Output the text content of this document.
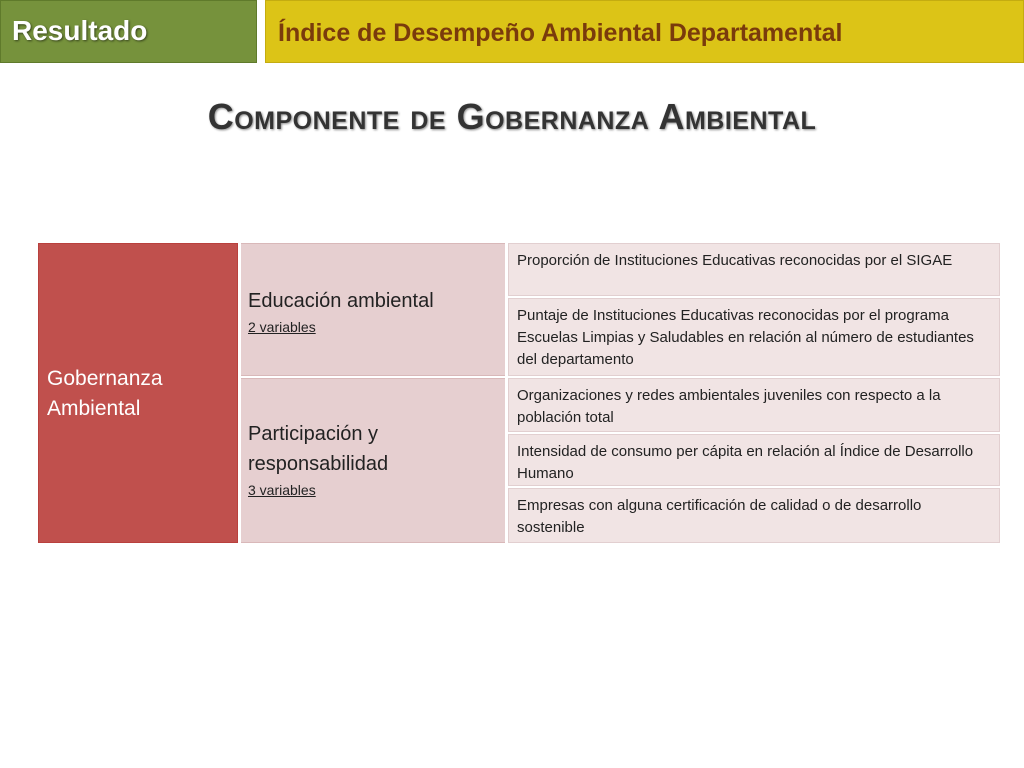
Resultado	Índice de Desempeño Ambiental Departamental
Componente de Gobernanza Ambiental
Gobernanza Ambiental
Educación ambiental
2 variables
Participación y responsabilidad
3 variables
Proporción de Instituciones Educativas reconocidas por el SIGAE
Puntaje de Instituciones Educativas reconocidas por el programa Escuelas Limpias y Saludables en relación al número de estudiantes del departamento
Organizaciones y redes ambientales juveniles con respecto a la población total
Intensidad de consumo per cápita en relación al Índice de Desarrollo Humano
Empresas con alguna certificación de calidad o de desarrollo sostenible
